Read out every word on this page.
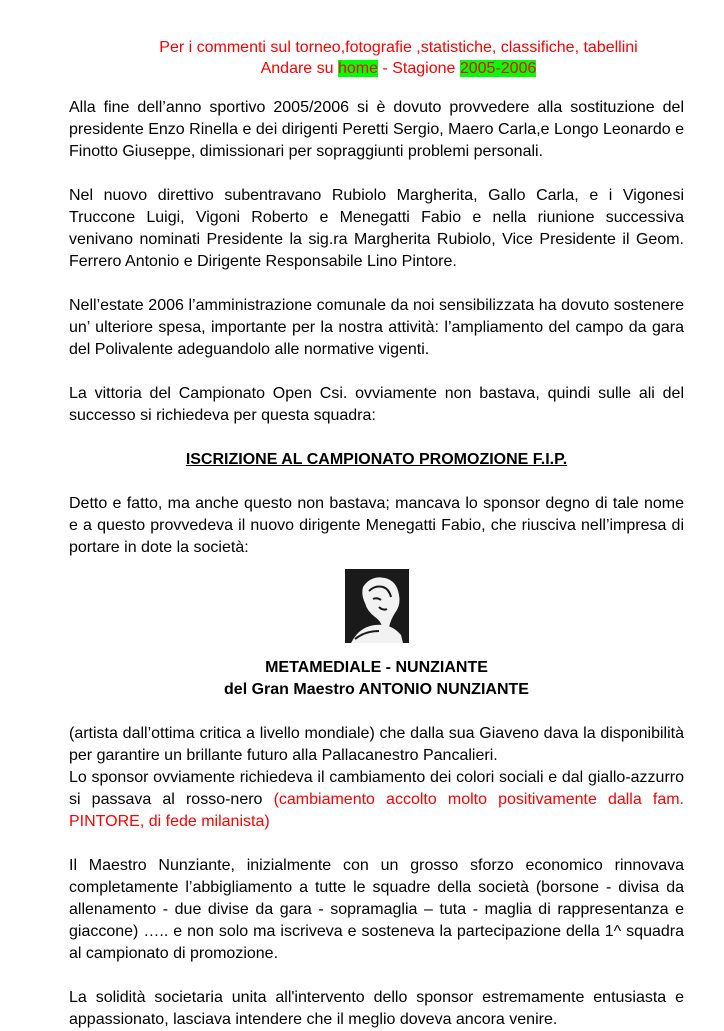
Per i commenti sul torneo,fotografie ,statistiche, classifiche, tabellini
Andare su home - Stagione 2005-2006

Alla fine dell’anno sportivo 2005/2006 si è dovuto provvedere alla sostituzione del presidente Enzo Rinella e dei dirigenti Peretti Sergio, Maero Carla,e Longo Leonardo e Finotto Giuseppe, dimissionari per sopraggiunti problemi personali.

Nel nuovo direttivo subentravano Rubiolo Margherita, Gallo Carla, e i Vigonesi Truccone Luigi, Vigoni Roberto e Menegatti Fabio e nella riunione successiva venivano nominati Presidente la sig.ra Margherita Rubiolo, Vice Presidente il Geom. Ferrero Antonio e Dirigente Responsabile Lino Pintore.

Nell’estate 2006 l’amministrazione comunale da noi sensibilizzata ha dovuto sostenere un’ ulteriore spesa, importante per la nostra attività: l’ampliamento del campo da gara del Polivalente adeguandolo alle normative vigenti.

La vittoria del Campionato Open Csi. ovviamente non bastava, quindi sulle ali del successo si richiedeva per questa squadra:

ISCRIZIONE AL CAMPIONATO PROMOZIONE F.I.P.

Detto e fatto, ma anche questo non bastava; mancava lo sponsor degno di tale nome e a questo provvedeva il nuovo dirigente Menegatti Fabio, che riusciva nell’impresa di portare in dote la società:

METAMEDIALE - NUNZIANTE

del Gran Maestro ANTONIO NUNZIANTE

(artista dall’ottima critica a livello mondiale) che dalla sua Giaveno dava la disponibilità per garantire un brillante futuro alla Pallacanestro Pancalieri.

Lo sponsor ovviamente richiedeva il cambiamento dei colori sociali e dal giallo-azzurro si passava al rosso-nero (cambiamento accolto molto positivamente dalla fam. PINTORE, di fede milanista)

Il Maestro Nunziante, inizialmente con un grosso sforzo economico rinnovava completamente l’abbigliamento a tutte le squadre della società (borsone - divisa da allenamento - due divise da gara - sopramaglia – tuta - maglia di rappresentanza e giaccone) ….. e non solo ma iscriveva e sosteneva la partecipazione della 1^ squadra al campionato di promozione.

La solidità societaria unita all'intervento dello sponsor estremamente entusiasta e appassionato, lasciava intendere che il meglio doveva ancora venire.
